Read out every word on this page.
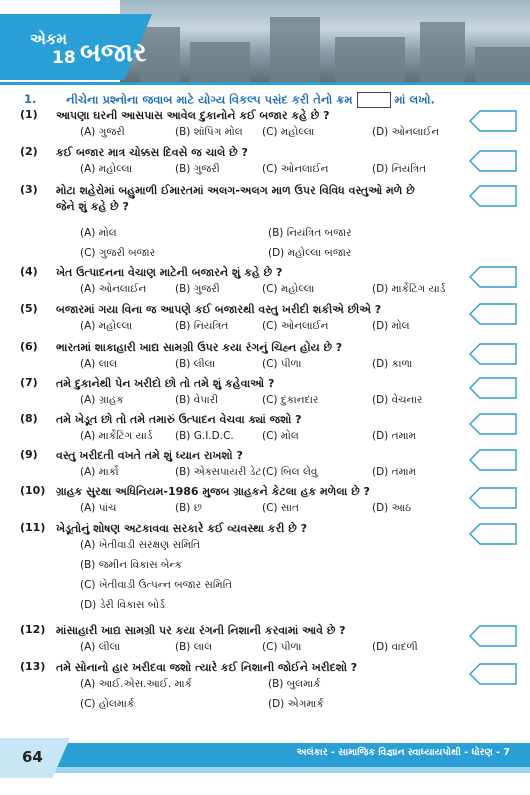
એકમ
18 બજાર
1.	નીચેના પ્રશ્નોના જવાબ માટે યોગ્ય વિકલ્પ પસંદ કરી તેનો ક્રમ	માં લખો.
(1) આપણા ઘરની આસપાસ આવેલ દુકાનોને કઈ બજાર કહે છે ?
(A) ગુજરી	(B) શૉપિંગ મોલ (C) મહોલ્લા	(D) ઓનલાઈન
(2) કઈ બજાર માત્ર ચોક્કસ દિવસે જ ચાલે છે ?
(A) મહોલ્લા	(B) ગુજરી	(C) ઓનલાઈન	(D) નિયંત્રિત
(3) મોટા શહેરોમાં બહુમાળી ઈમારતમાં અલગ-અલગ માળ ઉપર વિવિધ વસ્તુઓ મળે છે જેને શું કહે છે ?
(A) મોલ	(B) નિયંત્રિત બજાર
(C) ગુજરી બજાર	(D) મહોલ્લા બજાર
(4) ખેત ઉત્પાદનના વેચાણ માટેની બજારને શું કહે છે ?
(A) ઓનલાઈન	(B) ગુજરી	(C) મહોલ્લા	(D) માર્કેટિંગ યાર્ડ
(5) બજારમાં ગયા વિના જ આપણે કઈ બજારથી વસ્તુ ખરીદી શકીએ છીએ ?
(A) મહોલ્લા	(B) નિયંત્રિત	(C) ઓનલાઈન	(D) મોલ
(6) ભારતમાં શાકાહારી ખાદ્ય સામગ્રી ઉપર કયા રંગનું ચિહ્ન હોય છે ?
(A) લાલ	(B) લીલા	(C) પીળા	(D) કાળા
(7) તમે દુકાનેથી પેન ખરીદો છો તો તમે શું કહેવાઓ ?
(A) ગ્રાહક	(B) વેપારી	(C) દુકાનદાર	(D) વેચનાર
(8) તમે ખેડૂત છો તો તમે તમારું ઉત્પાદન વેચવા ક્યાં જશો ?
(A) માર્કેટિંગ યાર્ડ (B) G.I.D.C.	(C) મોલ	(D) તમામ
(9) વસ્તુ ખરીદતી વખતે તમે શું ધ્યાન રાખશો ?
(A) માર્કો	(B) એક્સપાયરી ડેટ (C) બિલ લેવું	(D) તમામ
(10) ગ્રાહક સુરક્ષા અધિનિયમ-1986 મુજબ ગ્રાહકને કેટલા હક મળેલા છે ?
(A) પાંચ	(B) છ	(C) સાત	(D) આઠ
(11) ખેડૂતોનું શોષણ અટકાવવા સરકારે કઈ વ્યવસ્થા કરી છે ?
(A) ખેતીવાડી સંરક્ષણ સમિતિ
(B) જમીન વિકાસ બેન્ક
(C) ખેતીવાડી ઉત્પન્ન બજાર સમિતિ
(D) ડેરી વિકાસ બોર્ડ
(12) માંસાહારી ખાદ્ય સામગ્રી પર કયા રંગની નિશાની કરવામાં આવે છે ?
(A) લીલા	(B) લાલ	(C) પીળા	(D) વાદળી
(13) તમે સોનાનો હાર ખરીદવા જશો ત્યારે કઈ નિશાની જોઈને ખરીદશો ?
(A) આઈ.એસ.આઈ. માર્ક	(B) બુલમાર્ક
(C) હોલમાર્ક	(D) એગમાર્ક
64	અલંકાર - સામાજિક વિજ્ઞાન સ્વાધ્યાયપોથી - ધોરણ - 7
